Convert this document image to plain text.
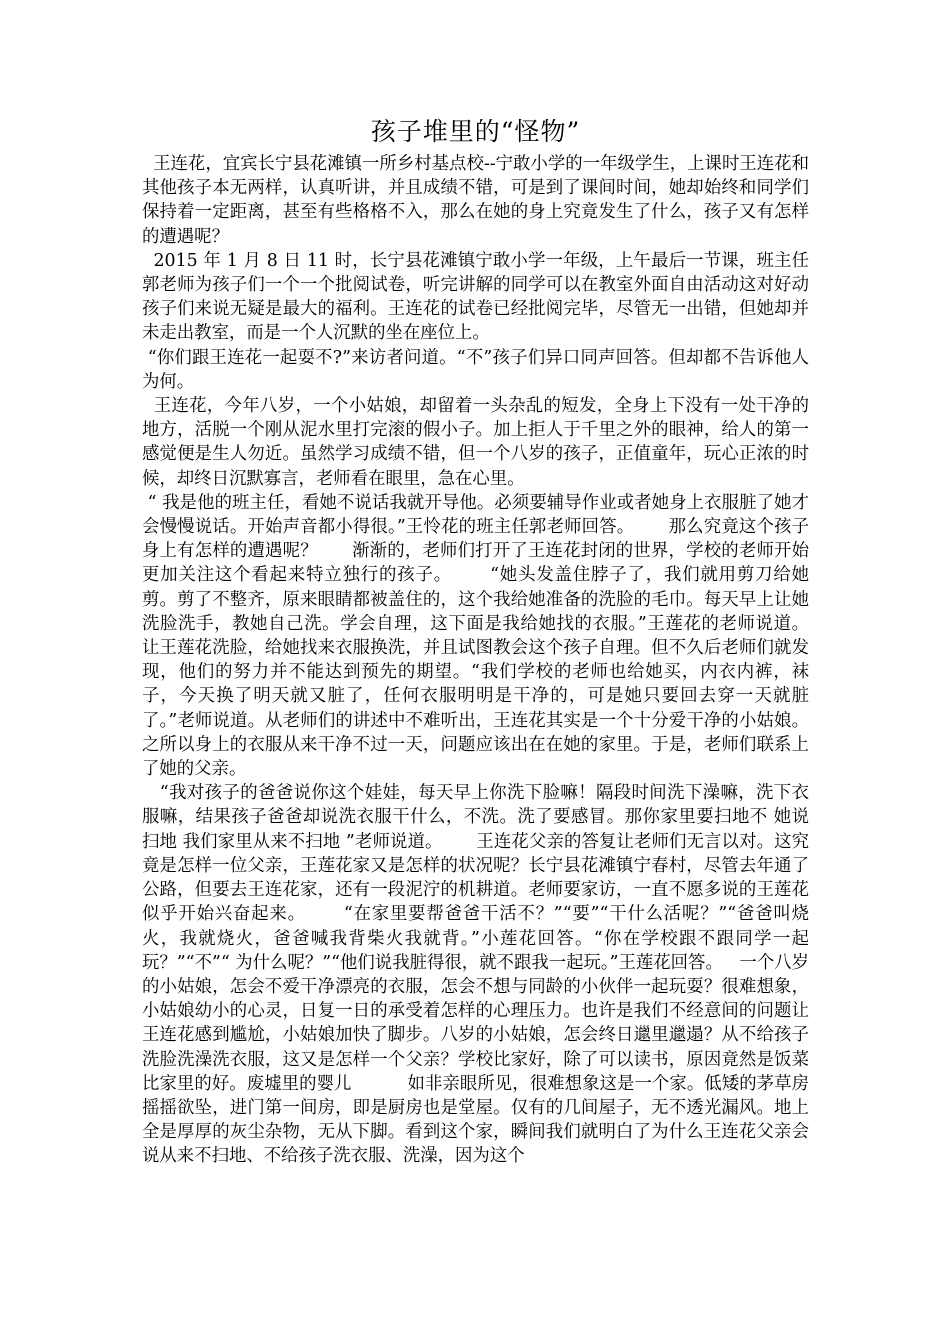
孩子堆里的“怪物”

王连花，宜宾长宁县花滩镇一所乡村基点校--宁敢小学的一年级学生，上课时王连花和其他孩子本无两样，认真听讲，并且成绩不错，可是到了课间时间，她却始终和同学们保持着一定距离，甚至有些格格不入，那么在她的身上究竟发生了什么，孩子又有怎样的遭遇呢？

2015 年 1 月 8 日 11 时，长宁县花滩镇宁敢小学一年级，上午最后一节课，班主任郭老师为孩子们一个一个批阅试卷，听完讲解的同学可以在教室外面自由活动这对好动孩子们来说无疑是最大的福利。王连花的试卷已经批阅完毕，尽管无一出错，但她却并未走出教室，而是一个人沉默的坐在座位上。

“你们跟王连花一起耍不?”来访者问道。“不”孩子们异口同声回答。但却都不告诉他人为何。

王连花，今年八岁，一个小姑娘，却留着一头杂乱的短发，全身上下没有一处干净的地方，活脱一个刚从泥水里打完滚的假小子。加上拒人于千里之外的眼神，给人的第一感觉便是生人勿近。虽然学习成绩不错，但一个八岁的孩子，正值童年，玩心正浓的时候，却终日沉默寡言，老师看在眼里，急在心里。

“ 我是他的班主任，看她不说话我就开导他。必须要辅导作业或者她身上衣服脏了她才会慢慢说话。开始声音都小得很。”王怜花的班主任郭老师回答。      那么究竟这个孩子身上有怎样的遭遇呢？      渐渐的，老师们打开了王连花封闭的世界，学校的老师开始更加关注这个看起来特立独行的孩子。      “她头发盖住脖子了，我们就用剪刀给她剪。剪了不整齐，原来眼睛都被盖住的，这个我给她准备的洗脸的毛巾。每天早上让她洗脸洗手，教她自己洗。学会自理，这下面是我给她找的衣服。”王莲花的老师说道。      让王莲花洗脸，给她找来衣服换洗，并且试图教会这个孩子自理。但不久后老师们就发现，他们的努力并不能达到预先的期望。“我们学校的老师也给她买，内衣内裤，袜子，今天换了明天就又脏了，任何衣服明明是干净的，可是她只要回去穿一天就脏了。”老师说道。从老师们的讲述中不难听出，王连花其实是一个十分爱干净的小姑娘。之所以身上的衣服从来干净不过一天，问题应该出在在她的家里。于是，老师们联系上了她的父亲。

“我对孩子的爸爸说你这个娃娃，每天早上你洗下脸嘛！隔段时间洗下澡嘛，洗下衣服嘛，结果孩子爸爸却说洗衣服干什么，不洗。洗了要感冒。那你家里要扫地不 她说 扫地 我们家里从来不扫地 ”老师说道。      王连花父亲的答复让老师们无言以对。这究竟是怎样一位父亲，王莲花家又是怎样的状况呢？长宁县花滩镇宁春村，尽管去年通了公路，但要去王连花家，还有一段泥泞的机耕道。老师要家访，一直不愿多说的王莲花似乎开始兴奋起来。      “在家里要帮爸爸干活不？”“要”“干什么活呢？”“爸爸叫烧火，我就烧火，爸爸喊我背柴火我就背。”小莲花回答。“你在学校跟不跟同学一起玩？”“不”“ 为什么呢？”“他们说我脏得很，就不跟我一起玩。”王莲花回答。   一个八岁的小姑娘，怎会不爱干净漂亮的衣服，怎会不想与同龄的小伙伴一起玩耍？很难想象，小姑娘幼小的心灵，日复一日的承受着怎样的心理压力。也许是我们不经意间的问题让王连花感到尴尬，小姑娘加快了脚步。八岁的小姑娘，怎会终日邋里邋遢？从不给孩子洗脸洗澡洗衣服，这又是怎样一个父亲？学校比家好，除了可以读书，原因竟然是饭菜比家里的好。废墟里的婴儿          如非亲眼所见，很难想象这是一个家。低矮的茅草房摇摇欲坠，进门第一间房，即是厨房也是堂屋。仅有的几间屋子，无不透光漏风。地上全是厚厚的灰尘杂物，无从下脚。看到这个家，瞬间我们就明白了为什么王连花父亲会说从来不扫地、不给孩子洗衣服、洗澡，因为这个
